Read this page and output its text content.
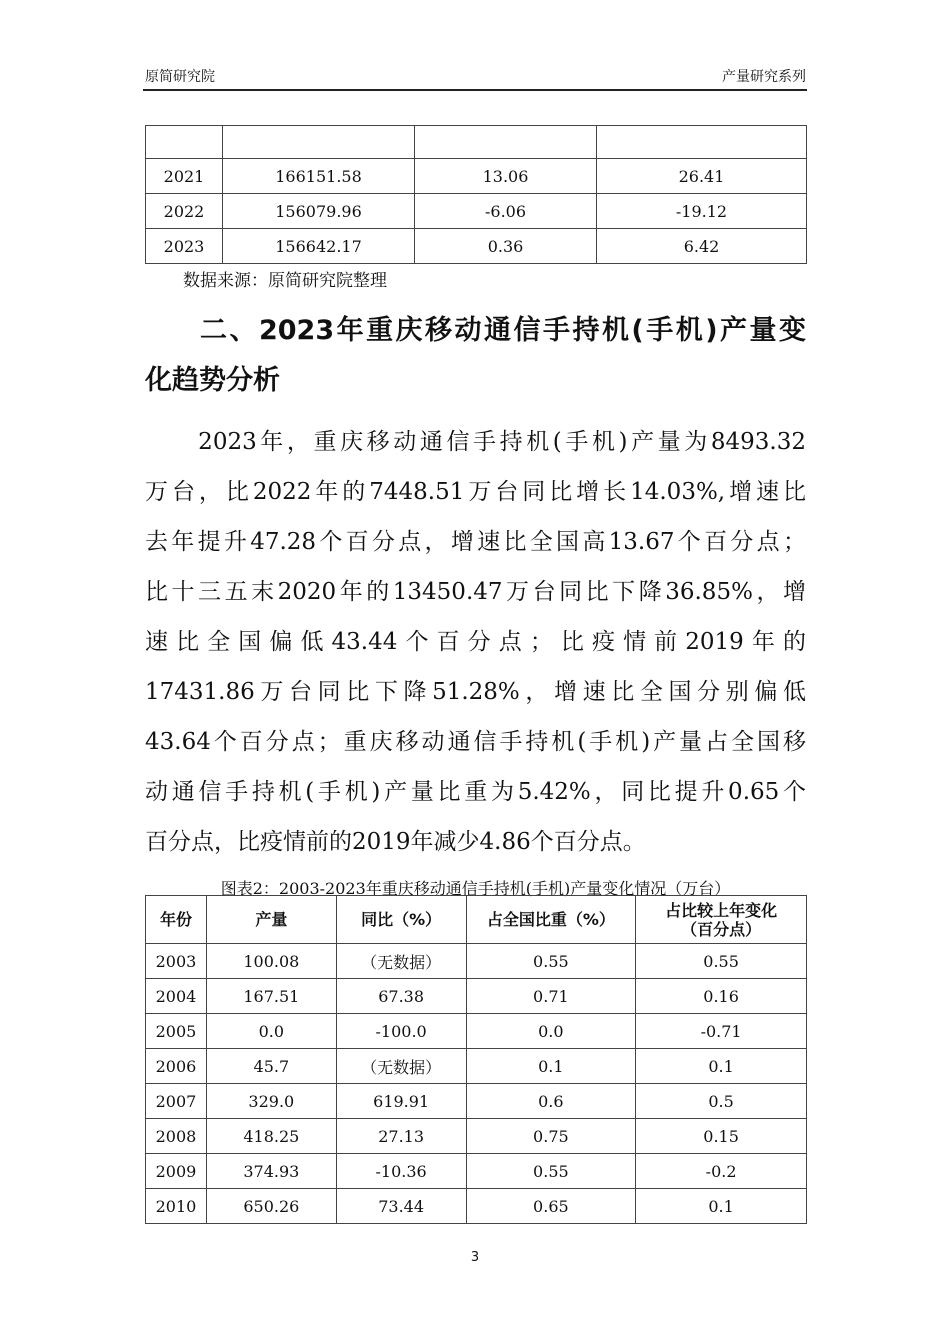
原简研究院	产量研究系列

2021	166151.58	13.06	26.41
2022	156079.96	-6.06	-19.12
2023	156642.17	0.36	6.42
数据来源：原简研究院整理
二、2023年重庆移动通信手持机(手机)产量变
化趋势分析
　　2023年，重庆移动通信手持机(手机)产量为8493.32
万台，比2022年的7448.51万台同比增长14.03%,增速比
去年提升47.28个百分点，增速比全国高13.67个百分点；
比十三五末2020年的13450.47万台同比下降36.85%，增
速比全国偏低43.44个百分点；比疫情前2019年的
17431.86万台同比下降51.28%，增速比全国分别偏低
43.64个百分点；重庆移动通信手持机(手机)产量占全国移
动通信手持机(手机)产量比重为5.42%，同比提升0.65个
百分点，比疫情前的2019年减少4.86个百分点。
图表2：2003-2023年重庆移动通信手持机(手机)产量变化情况（万台）
年份	产量	同比（%）	占全国比重（%）	占比较上年变化（百分点）
2003	100.08	（无数据）	0.55	0.55
2004	167.51	67.38	0.71	0.16
2005	0.0	-100.0	0.0	-0.71
2006	45.7	（无数据）	0.1	0.1
2007	329.0	619.91	0.6	0.5
2008	418.25	27.13	0.75	0.15
2009	374.93	-10.36	0.55	-0.2
2010	650.26	73.44	0.65	0.1
3
